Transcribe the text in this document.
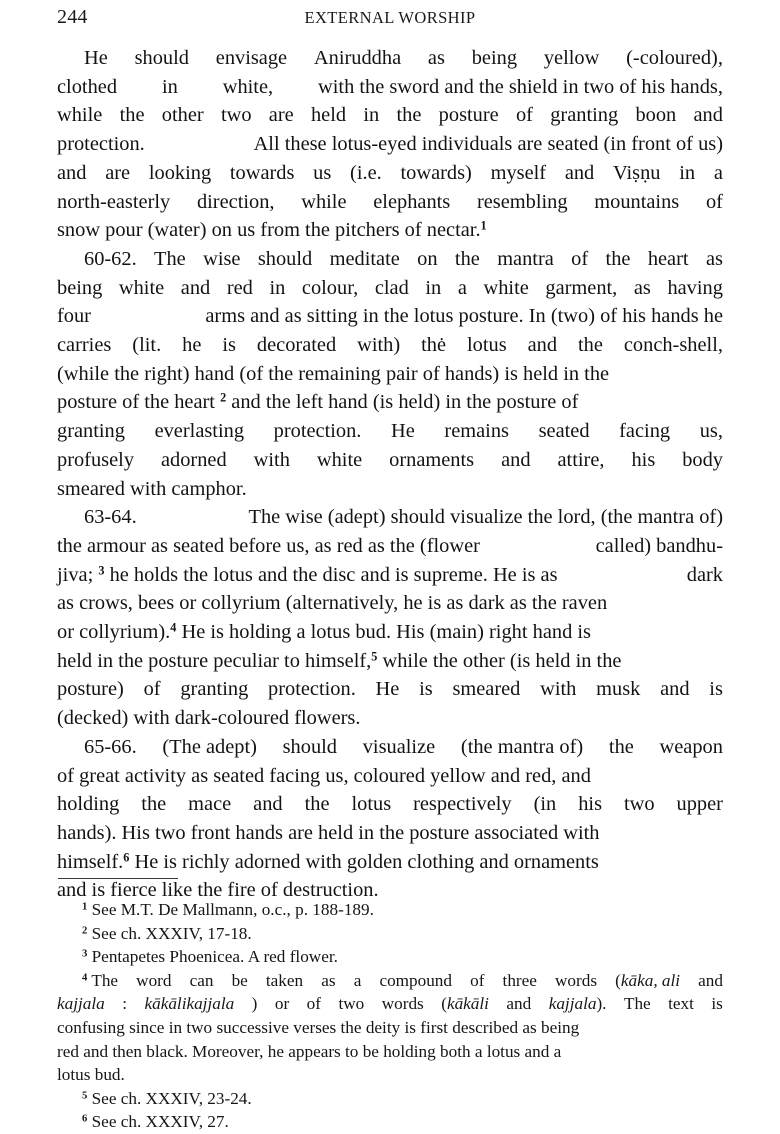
244	EXTERNAL WORSHIP
He should envisage Aniruddha as being yellow (-coloured),
clothed in white, with the sword and the shield in two of his hands,
while the other two are held in the posture of granting boon and
protection.	All these lotus-eyed individuals are seated (in front of us)
and are looking towards us (i.e. towards) myself and Viṣṇu in a
north-easterly direction, while elephants resembling mountains of
snow pour (water) on us from the pitchers of nectar.$^1$
60-62. The wise should meditate on the mantra of the heart as
being white and red in colour, clad in a white garment, as having
four	arms and as sitting in the lotus posture. In (two) of his hands he
carries (lit. he is decorated with) thė lotus and the conch-shell,
(while the right) hand (of the remaining pair of hands) is held in the
posture of the heart $^2$ and the left hand (is held) in the posture of
granting everlasting protection. He remains seated facing us,
profusely adorned with white ornaments and attire, his body
smeared with camphor.
63-64.	The wise (adept) should visualize the lord, (the mantra of)
the armour as seated before us, as red as the (flower	called) bandhu-
jiva; $^3$ he holds the lotus and the disc and is supreme. He is as	dark
as crows, bees or collyrium (alternatively, he is as dark as the raven
or collyrium).$^4$ He is holding a lotus bud. His (main) right hand is
held in the posture peculiar to himself,$^5$ while the other (is held in the
posture) of granting protection. He is smeared with musk and is
(decked) with dark-coloured flowers.
65-66. (The adept) should visualize (the mantra of) the weapon
of great activity as seated facing us, coloured yellow and red, and
holding the mace and the lotus respectively (in his two upper
hands). His two front hands are held in the posture associated with
himself.$^6$ He is richly adorned with golden clothing and ornaments
and is fierce like the fire of destruction.
$^1$ See M.T. De Mallmann, o.c., p. 188-189.
$^2$ See ch. XXXIV, 17-18.
$^3$ Pentapetes Phoenicea. A red flower.
$^4$ The word can be taken as a compound of three words (kāka, ali and
kajjala : kākālikajjala ) or of two words (kākāli and kajjala). The text is
confusing since in two successive verses the deity is first described as being
red and then black. Moreover, he appears to be holding both a lotus and a
lotus bud.
$^5$ See ch. XXXIV, 23-24.
$^6$ See ch. XXXIV, 27.
